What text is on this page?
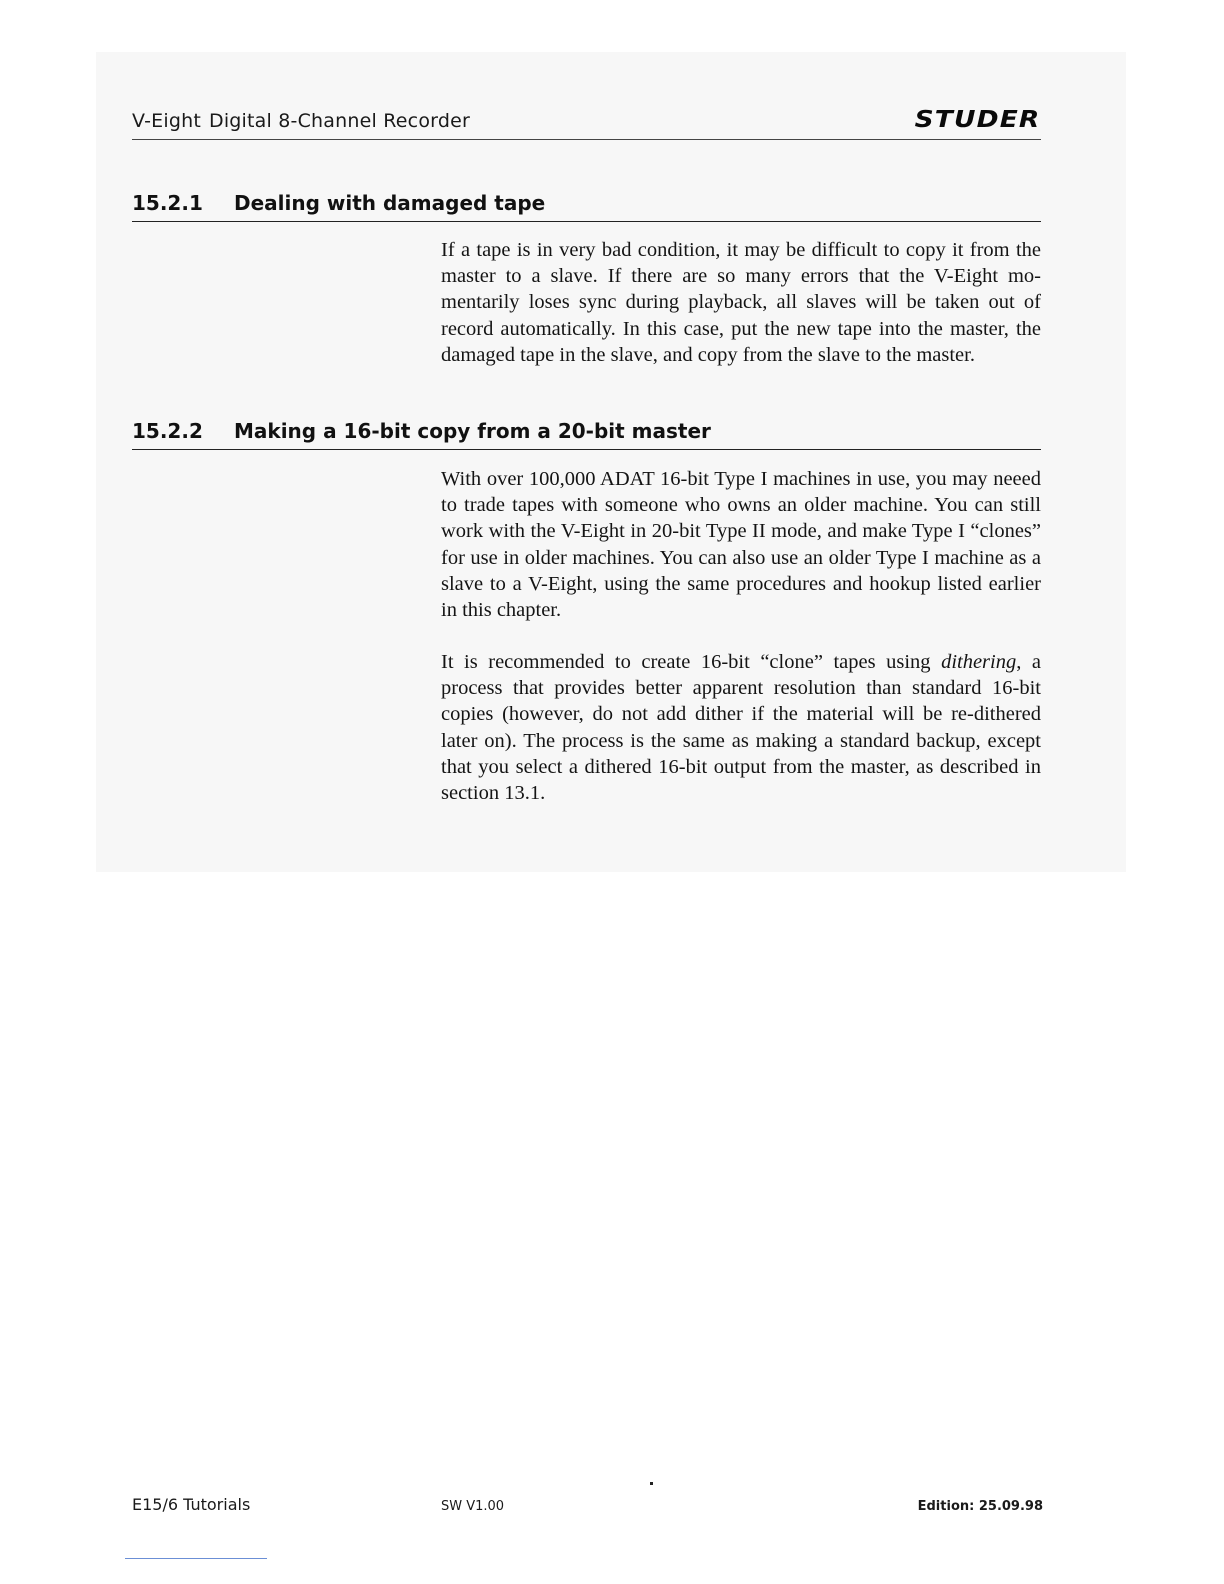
V-Eight Digital 8-Channel Recorder	STUDER
15.2.1 Dealing with damaged tape

If a tape is in very bad condition, it may be difficult to copy it from the master to a slave. If there are so many errors that the V-Eight mo-mentarily loses sync during playback, all slaves will be taken out of record automatically. In this case, put the new tape into the master, the damaged tape in the slave, and copy from the slave to the master.

15.2.2 Making a 16-bit copy from a 20-bit master

With over 100,000 ADAT 16-bit Type I machines in use, you may neeed to trade tapes with someone who owns an older machine. You can still work with the V-Eight in 20-bit Type II mode, and make Type I “clones” for use in older machines. You can also use an older Type I machine as a slave to a V-Eight, using the same procedures and hookup listed earlier in this chapter.

It is recommended to create 16-bit “clone” tapes using dithering, a process that provides better apparent resolution than standard 16-bit copies (however, do not add dither if the material will be re-dithered later on). The process is the same as making a standard backup, except that you select a dithered 16-bit output from the master, as described in section 13.1.

E15/6 Tutorials	SW V1.00	Edition: 25.09.98
